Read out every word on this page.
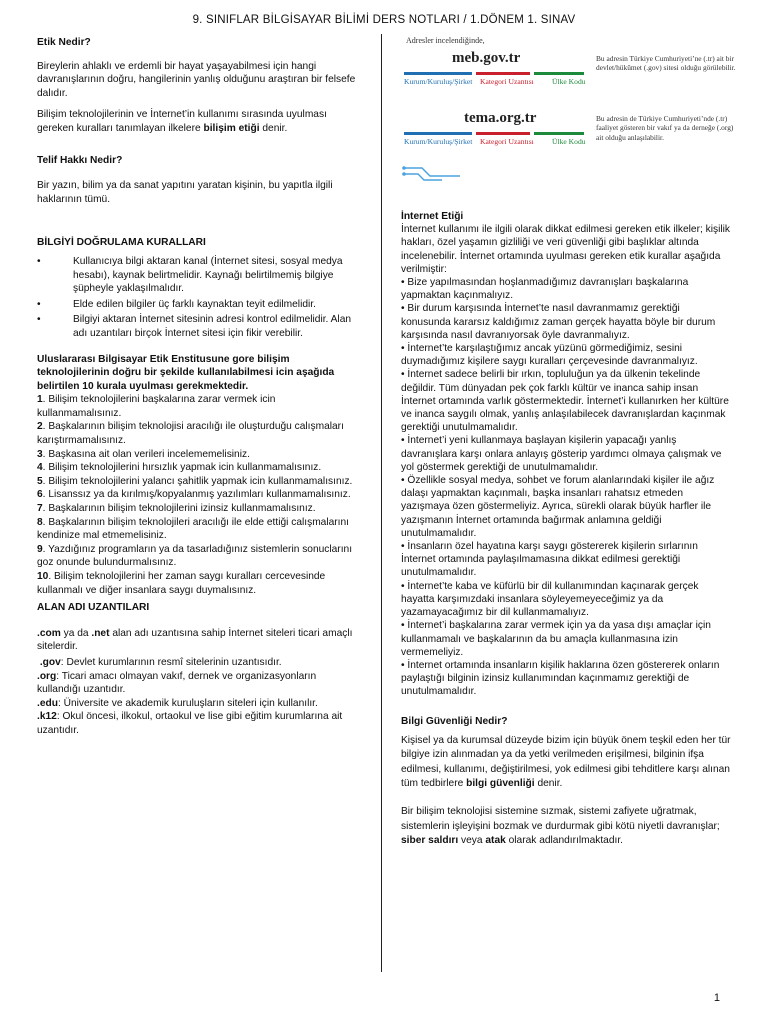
9. SINIFLAR BİLGİSAYAR BİLİMİ DERS NOTLARI / 1.DÖNEM 1. SINAV

Etik Nedir?

Bireylerin ahlaklı ve erdemli bir hayat yaşayabilmesi için hangi davranışlarının doğru, hangilerinin yanlış olduğunu araştıran bir felsefe dalıdır.

Bilişim teknolojilerinin ve İnternet’in kullanımı sırasında uyulması gereken kuralları tanımlayan ilkelere bilişim etiği denir.

Telif Hakkı Nedir?

Bir yazın, bilim ya da sanat yapıtını yaratan kişinin, bu yapıtla ilgili haklarının tümü.

BİLGİYİ DOĞRULAMA KURALLARI

• Kullanıcıya bilgi aktaran kanal (İnternet sitesi, sosyal medya hesabı), kaynak belirtmelidir. Kaynağı belirtilmemiş bilgiye şüpheyle yaklaşılmalıdır.
• Elde edilen bilgiler üç farklı kaynaktan teyit edilmelidir.
• Bilgiyi aktaran İnternet sitesinin adresi kontrol edilmelidir. Alan adı uzantıları birçok İnternet sitesi için fikir verebilir.

Uluslararası Bilgisayar Etik Enstitusune gore bilişim teknolojilerinin doğru bir şekilde kullanılabilmesi icin aşağıda belirtilen 10 kurala uyulması gerekmektedir.

1. Bilişim teknolojilerini başkalarına zarar vermek icin kullanmamalısınız.
2. Başkalarının bilişim teknolojisi aracılığı ile oluşturduğu calışmaları karıştırmamalısınız.
3. Başkasına ait olan verileri incelememelisiniz.
4. Bilişim teknolojilerini hırsızlık yapmak icin kullanmamalısınız.
5. Bilişim teknolojilerini yalancı şahitlik yapmak icin kullanmamalısınız.
6. Lisanssız ya da kırılmış/kopyalanmış yazılımları kullanmamalısınız.
7. Başkalarının bilişim teknolojilerini izinsiz kullanmamalısınız.
8. Başkalarının bilişim teknolojileri aracılığı ile elde ettiği calışmalarını kendinize mal etmemelisiniz.
9. Yazdığınız programların ya da tasarladığınız sistemlerin sonuclarını goz onunde bulundurmalısınız.
10. Bilişim teknolojilerini her zaman saygı kuralları cercevesinde kullanmalı ve diğer insanlara saygı duymalısınız.

ALAN ADI UZANTILARI

.com ya da .net alan adı uzantısına sahip İnternet siteleri ticari amaçlı sitelerdir.

.gov: Devlet kurumlarının resmî sitelerinin uzantısıdır.

.org: Ticari amacı olmayan vakıf, dernek ve organizasyonların kullandığı uzantıdır.

.edu: Üniversite ve akademik kuruluşların siteleri için kullanılır.

.k12: Okul öncesi, ilkokul, ortaokul ve lise gibi eğitim kurumlarına ait uzantıdır.

Adresler incelendiğinde,
meb.gov.tr
Kurum/Kuruluş/Şirket Kategori Uzantısı Ülke Kodu
Bu adresin Türkiye Cumhuriyeti’ne (.tr) ait bir devlet/hükûmet (.gov) sitesi olduğu görülebilir.
tema.org.tr
Kurum/Kuruluş/Şirket Kategori Uzantısı Ülke Kodu
Bu adresin de Türkiye Cumhuriyeti’nde (.tr) faaliyet gösteren bir vakıf ya da derneğe (.org) ait olduğu anlaşılabilir.

İnternet Etiği

İnternet kullanımı ile ilgili olarak dikkat edilmesi gereken etik ilkeler; kişilik hakları, özel yaşamın gizliliği ve veri güvenliği gibi başlıklar altında incelenebilir. İnternet ortamında uyulması gereken etik kurallar aşağıda verilmiştir:

• Bize yapılmasından hoşlanmadığımız davranışları başkalarına yapmaktan kaçınmalıyız.

• Bir durum karşısında İnternet’te nasıl davranmamız gerektiği konusunda kararsız kaldığımız zaman gerçek hayatta böyle bir durum karşısında nasıl davranıyorsak öyle davranmalıyız.

• İnternet’te karşılaştığımız ancak yüzünü görmediğimiz, sesini duymadığımız kişilere saygı kuralları çerçevesinde davranmalıyız.

• İnternet sadece belirli bir ırkın, topluluğun ya da ülkenin tekelinde değildir. Tüm dünyadan pek çok farklı kültür ve inanca sahip insan İnternet ortamında varlık göstermektedir. İnternet’i kullanırken her kültüre ve inanca saygılı olmak, yanlış anlaşılabilecek davranışlardan kaçınmak gerektiği unutulmamalıdır.

• İnternet’i yeni kullanmaya başlayan kişilerin yapacağı yanlış davranışlara karşı onlara anlayış gösterip yardımcı olmaya çalışmak ve yol göstermek gerektiği de unutulmamalıdır.

• Özellikle sosyal medya, sohbet ve forum alanlarındaki kişiler ile ağız dalaşı yapmaktan kaçınmalı, başka insanları rahatsız etmeden yazışmaya özen göstermeliyiz. Ayrıca, sürekli olarak büyük harfler ile yazışmanın İnternet ortamında bağırmak anlamına geldiği unutulmamalıdır.

• İnsanların özel hayatına karşı saygı göstererek kişilerin sırlarının İnternet ortamında paylaşılmamasına dikkat edilmesi gerektiği unutulmamalıdır.

• İnternet’te kaba ve küfürlü bir dil kullanımından kaçınarak gerçek hayatta karşımızdaki insanlara söyleyemeyeceğimiz ya da yazamayacağımız bir dil kullanmamalıyız.

• İnternet’i başkalarına zarar vermek için ya da yasa dışı amaçlar için kullanmamalı ve başkalarının da bu amaçla kullanmasına izin vermemeliyiz.

• İnternet ortamında insanların kişilik haklarına özen göstererek onların paylaştığı bilginin izinsiz kullanımından kaçınmamız gerektiği de unutulmamalıdır.

Bilgi Güvenliği Nedir?

Kişisel ya da kurumsal düzeyde bizim için büyük önem teşkil eden her tür bilgiye izin alınmadan ya da yetki verilmeden erişilmesi, bilginin ifşa edilmesi, kullanımı, değiştirilmesi, yok edilmesi gibi tehditlere karşı alınan tüm tedbirlere bilgi güvenliği denir.

Bir bilişim teknolojisi sistemine sızmak, sistemi zafiyete uğratmak, sistemlerin işleyişini bozmak ve durdurmak gibi kötü niyetli davranışlar; siber saldırı veya atak olarak adlandırılmaktadır.

1
